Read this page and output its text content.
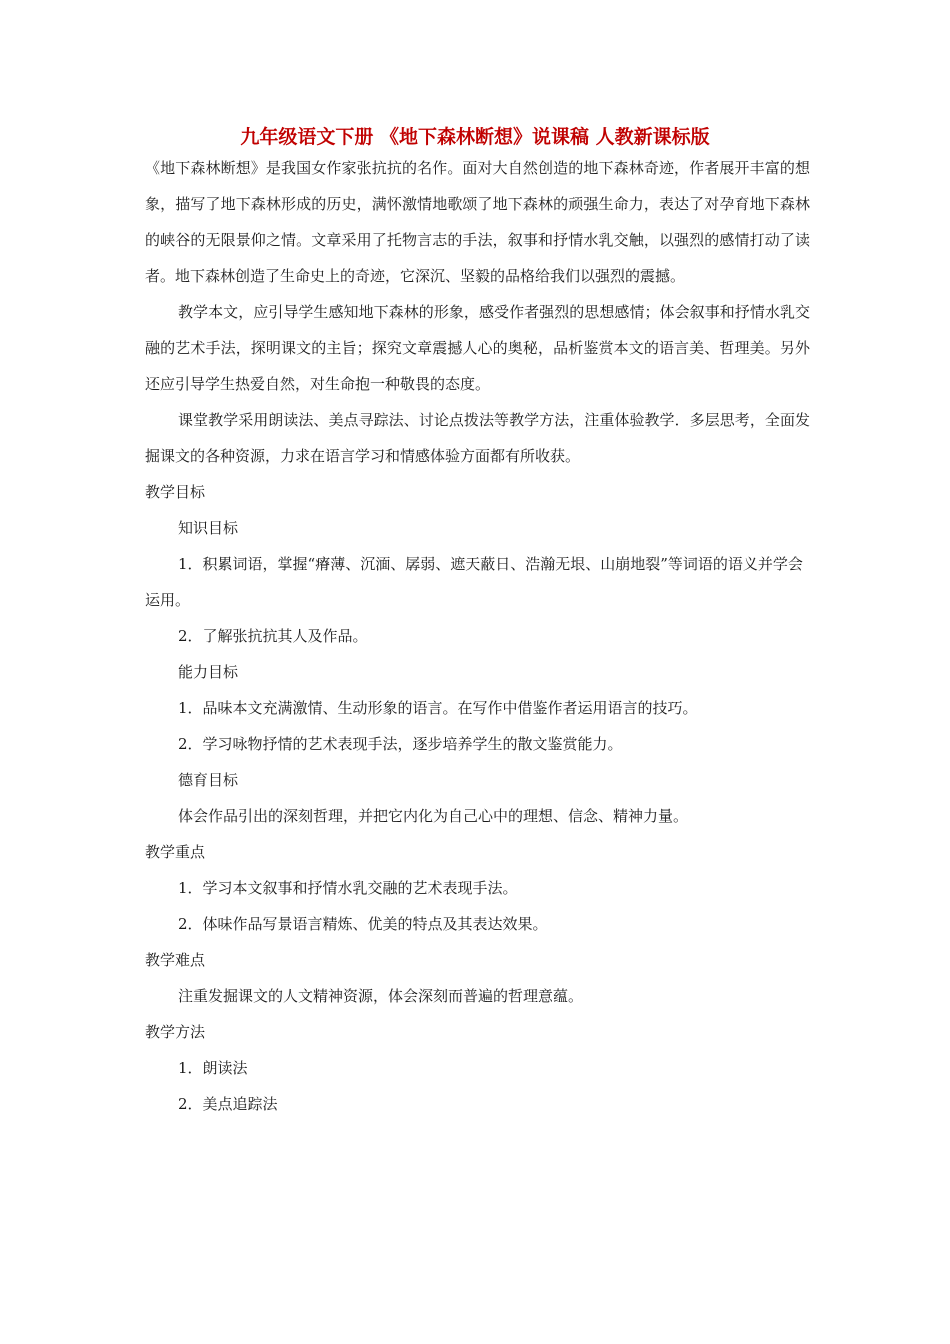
九年级语文下册 《地下森林断想》说课稿 人教新课标版

《地下森林断想》是我国女作家张抗抗的名作。面对大自然创造的地下森林奇迹，作者展开丰富的想象，描写了地下森林形成的历史，满怀激情地歌颂了地下森林的顽强生命力，表达了对孕育地下森林的峡谷的无限景仰之情。文章采用了托物言志的手法，叙事和抒情水乳交触，以强烈的感情打动了读者。地下森林创造了生命史上的奇迹，它深沉、坚毅的品格给我们以强烈的震撼。

教学本文，应引导学生感知地下森林的形象，感受作者强烈的思想感情；体会叙事和抒情水乳交融的艺术手法，探明课文的主旨；探究文章震撼人心的奥秘，品析鉴赏本文的语言美、哲理美。另外还应引导学生热爱自然，对生命抱一种敬畏的态度。

课堂教学采用朗读法、美点寻踪法、讨论点拨法等教学方法，注重体验教学．多层思考，全面发掘课文的各种资源，力求在语言学习和情感体验方面都有所收获。

教学目标

知识目标

1．积累词语，掌握“瘠薄、沉湎、孱弱、遮天蔽日、浩瀚无垠、山崩地裂”等词语的语义并学会运用。

2．了解张抗抗其人及作品。

能力目标

1．品味本文充满激情、生动形象的语言。在写作中借鉴作者运用语言的技巧。

2．学习咏物抒情的艺术表现手法，逐步培养学生的散文鉴赏能力。

德育目标

体会作品引出的深刻哲理，并把它内化为自己心中的理想、信念、精神力量。

教学重点

1．学习本文叙事和抒情水乳交融的艺术表现手法。

2．体味作品写景语言精炼、优美的特点及其表达效果。

教学难点

注重发掘课文的人文精神资源，体会深刻而普遍的哲理意蕴。

教学方法

1．朗读法

2．美点追踪法
